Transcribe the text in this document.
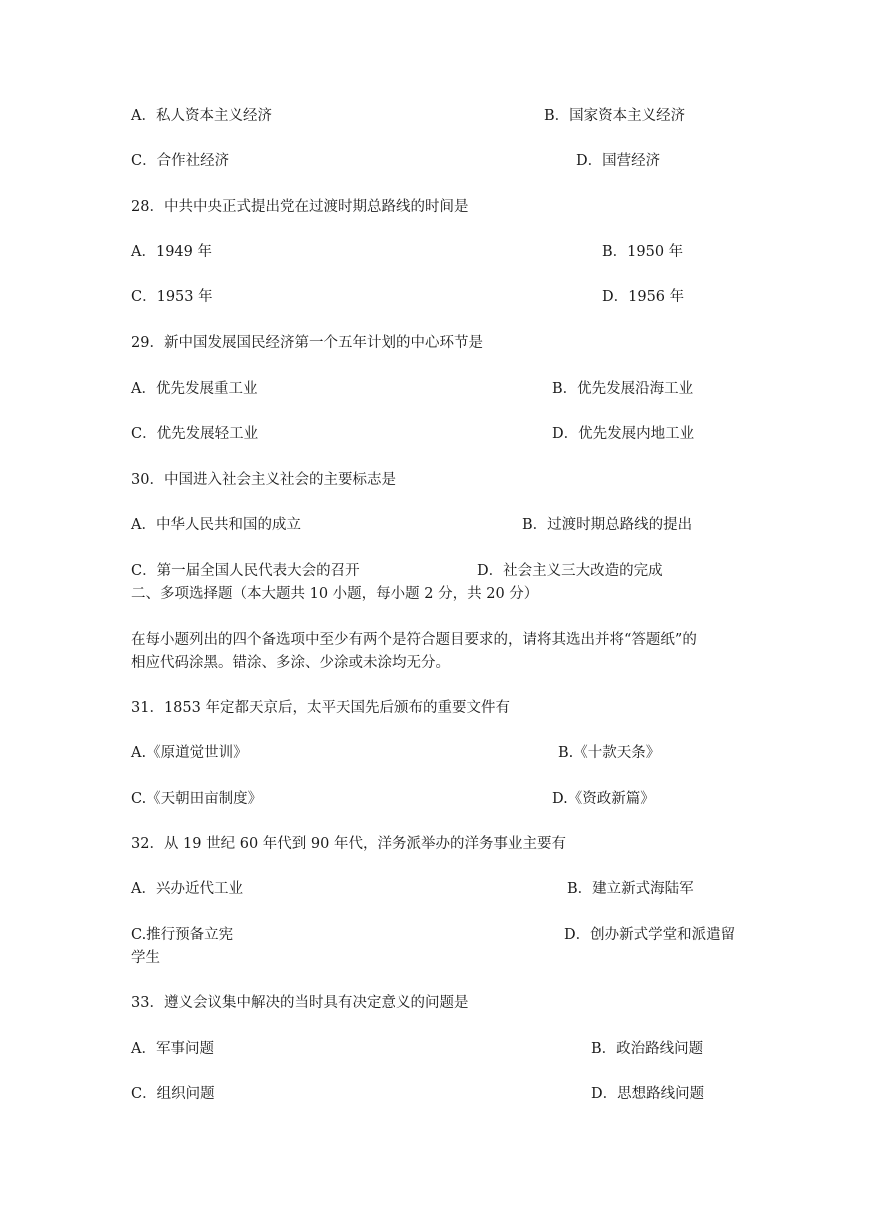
A．私人资本主义经济	B．国家资本主义经济
C．合作社经济	D．国营经济
28．中共中央正式提出党在过渡时期总路线的时间是
A．1949 年	B．1950 年
C．1953 年	D．1956 年
29．新中国发展国民经济第一个五年计划的中心环节是
A．优先发展重工业	B．优先发展沿海工业
C．优先发展轻工业	D．优先发展内地工业
30．中国进入社会主义社会的主要标志是
A．中华人民共和国的成立	B．过渡时期总路线的提出
C．第一届全国人民代表大会的召开	D．社会主义三大改造的完成
二、多项选择题（本大题共 10 小题，每小题 2 分，共 20 分）
在每小题列出的四个备选项中至少有两个是符合题目要求的，请将其选出并将“答题纸”的
相应代码涂黑。错涂、多涂、少涂或未涂均无分。
31．1853 年定都天京后，太平天国先后颁布的重要文件有
A.《原道觉世训》	B.《十款天条》
C.《天朝田亩制度》	D.《资政新篇》
32．从 19 世纪 60 年代到 90 年代，洋务派举办的洋务事业主要有
A．兴办近代工业	B．建立新式海陆军
C.推行预备立宪	D．创办新式学堂和派遣留
学生
33．遵义会议集中解决的当时具有决定意义的问题是
A．军事问题	B．政治路线问题
C．组织问题	D．思想路线问题
